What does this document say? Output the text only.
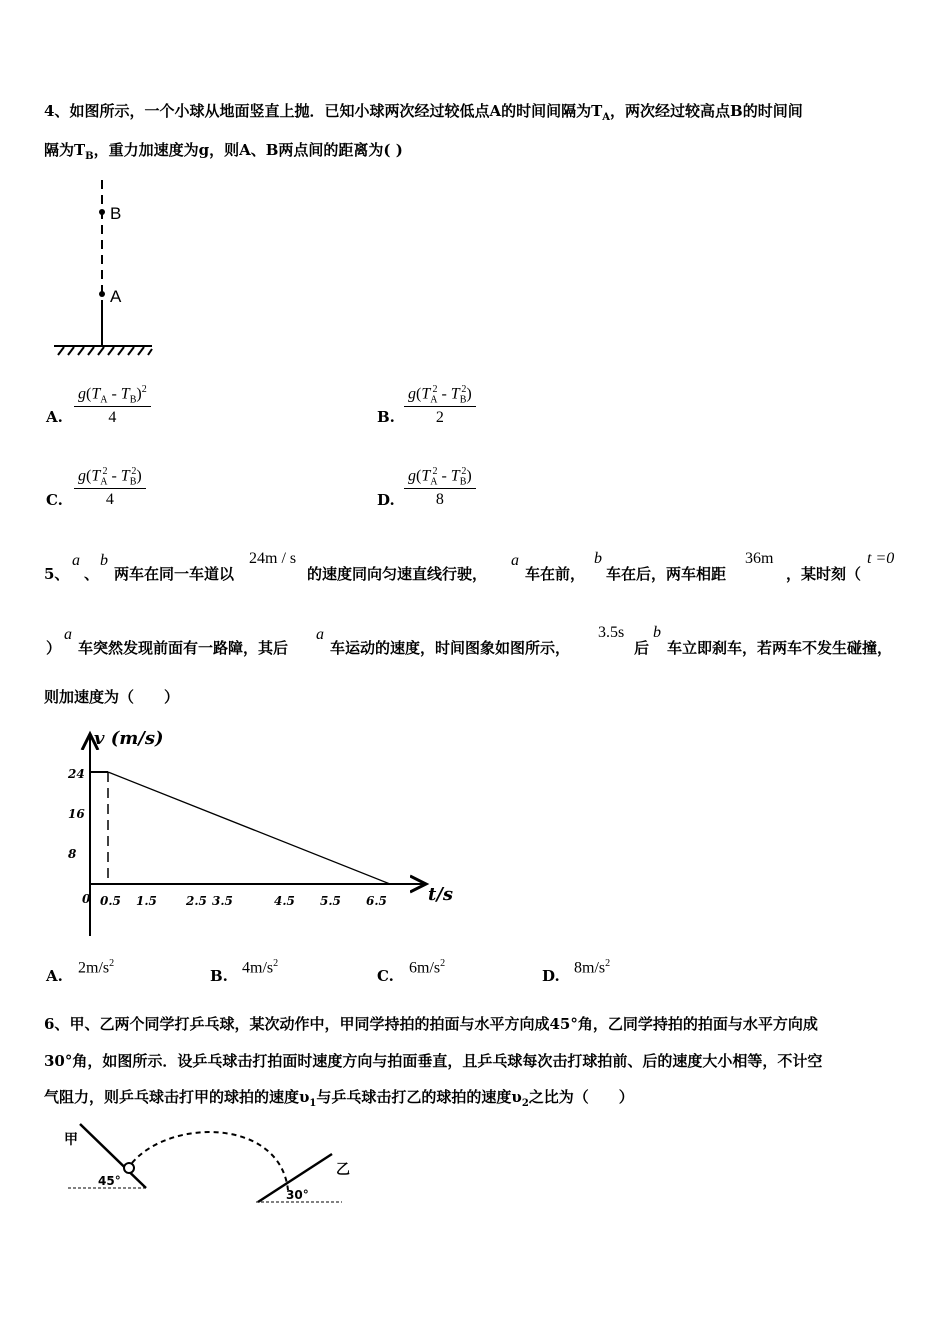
4、如图所示，一个小球从地面竖直上抛．已知小球两次经过较低点A的时间间隔为$T_A$，两次经过较高点B的时间间
隔为$T_B$，重力加速度为g，则A、B两点间的距离为( )
B
A
A. $\frac{g(T_A - T_B)^2}{4}$	B. $\frac{g(T_A^2 - T_B^2)}{2}$
C. $\frac{g(T_A^2 - T_B^2)}{4}$	D. $\frac{g(T_A^2 - T_B^2)}{8}$
5、
a
、
b
两车在同一车道以
24m / s
的速度同向匀速直线行驶，
a
车在前，
b
车在后，两车相距
36m
，某时刻（
t =0
）
a
车突然发现前面有一路障，其后
a
车运动的速度，时间图象如图所示，
3.5s
后
b
车立即刹车，若两车不发生碰撞，
则加速度为（　　）
v (m/s)
t/s
24
16
8
0 0.5 1.5 2.5 3.5	4.5 5.5 6.5
A. $2m/s^2$
B. $4m/s^2$
C. $6m/s^2$
D. $8m/s^2$
6、甲、乙两个同学打乒乓球，某次动作中，甲同学持拍的拍面与水平方向成45°角，乙同学持拍的拍面与水平方向成
30°角，如图所示．设乒乓球击打拍面时速度方向与拍面垂直，且乒乓球每次击打球拍前、后的速度大小相等，不计空
气阻力，则乒乓球击打甲的球拍的速度$\upsilon_1$与乒乓球击打乙的球拍的速度$\upsilon_2$之比为（　　）
甲
45°
乙
30°
